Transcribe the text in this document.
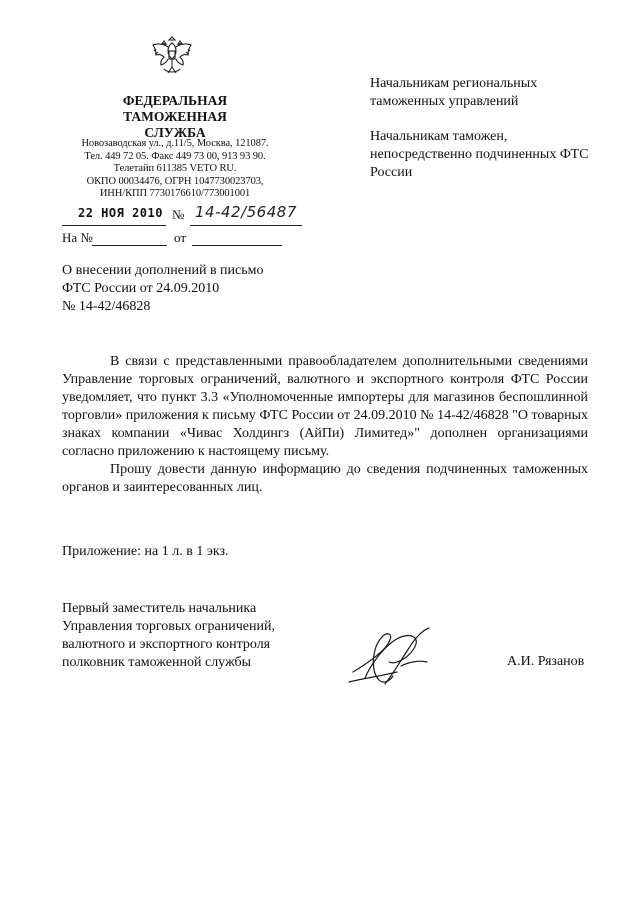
ФЕДЕРАЛЬНАЯ
ТАМОЖЕННАЯ СЛУЖБА
Новозаводская ул., д.11/5, Москва, 121087.
Тел. 449 72 05. Факс 449 73 00, 913 93 90.
Телетайп 611385 VETO RU.
ОКПО 00034476, ОГРН 1047730023703,
ИНН/КПП 7730176610/773001001
22 НОЯ 2010 № 14-42/56487
На №	от

Начальникам региональных таможенных управлений

Начальникам таможен, непосредственно подчиненных ФТС России

О внесении дополнений в письмо
ФТС России от 24.09.2010
№ 14-42/46828

В связи с представленными правообладателем дополнительными сведениями Управление торговых ограничений, валютного и экспортного контроля ФТС России уведомляет, что пункт 3.3 «Уполномоченные импортеры для магазинов беспошлинной торговли» приложения к письму ФТС России от 24.09.2010 № 14-42/46828 "О товарных знаках компании «Чивас Холдингз (АйПи) Лимитед»" дополнен организациями согласно приложению к настоящему письму.

Прошу довести данную информацию до сведения подчиненных таможенных органов и заинтересованных лиц.

Приложение: на 1 л. в 1 экз.
Первый заместитель начальника
Управления торговых ограничений,
валютного и экспортного контроля
полковник таможенной службы	А.И. Рязанов
